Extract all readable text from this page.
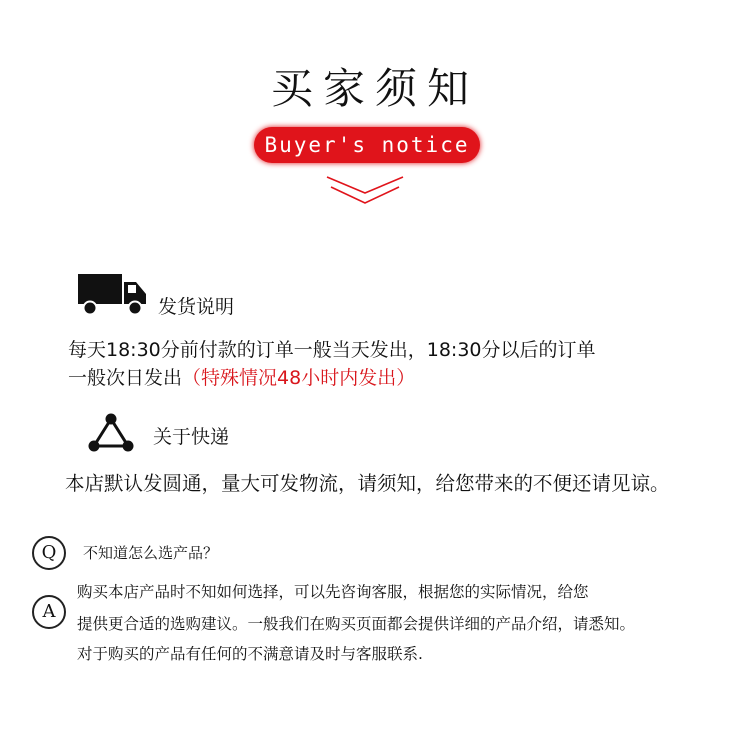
买家须知
Buyer's notice
发货说明
每天18:30分前付款的订单一般当天发出，18:30分以后的订单
一般次日发出（特殊情况48小时内发出）
关于快递
本店默认发圆通，量大可发物流，请须知，给您带来的不便还请见谅。
Q	不知道怎么选产品？
A
购买本店产品时不知如何选择，可以先咨询客服，根据您的实际情况，给您
提供更合适的选购建议。一般我们在购买页面都会提供详细的产品介绍，请悉知。
对于购买的产品有任何的不满意请及时与客服联系.
